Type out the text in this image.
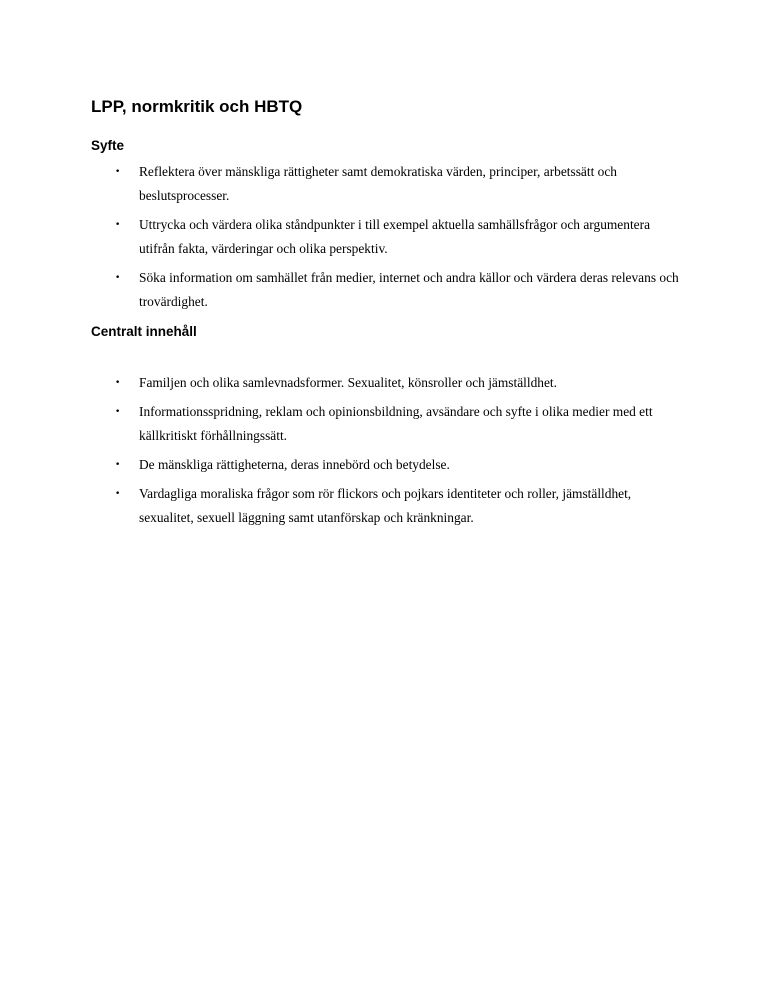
LPP, normkritik och HBTQ
Syfte
•	Reflektera över mänskliga rättigheter samt demokratiska värden, principer, arbetssätt och beslutsprocesser.
•	Uttrycka och värdera olika ståndpunkter i till exempel aktuella samhällsfrågor och argumentera utifrån fakta, värderingar och olika perspektiv.
•	Söka information om samhället från medier, internet och andra källor och värdera deras relevans och trovärdighet.
Centralt innehåll
•	Familjen och olika samlevnadsformer. Sexualitet, könsroller och jämställdhet.
•	Informationsspridning, reklam och opinionsbildning, avsändare och syfte i olika medier med ett källkritiskt förhållningssätt.
•	De mänskliga rättigheterna, deras innebörd och betydelse.
•	Vardagliga moraliska frågor som rör flickors och pojkars identiteter och roller, jämställdhet, sexualitet, sexuell läggning samt utanförskap och kränkningar.
